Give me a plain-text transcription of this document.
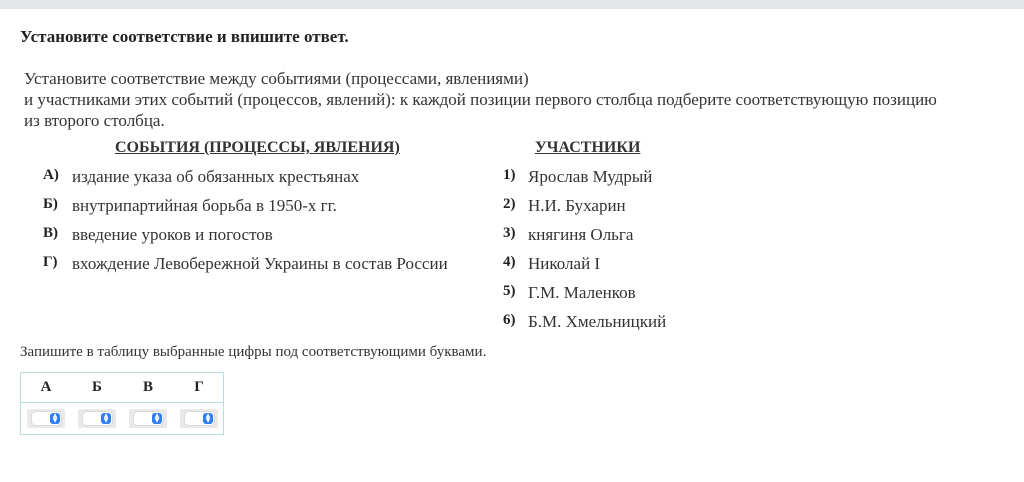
Установите соответствие и впишите ответ.
Установите соответствие между событиями (процессами, явлениями)
и участниками этих событий (процессов, явлений): к каждой позиции первого столбца подберите соответствующую позицию
из второго столбца.
СОБЫТИЯ (ПРОЦЕССЫ, ЯВЛЕНИЯ)	УЧАСТНИКИ
А) издание указа об обязанных крестьянах
Б) внутрипартийная борьба в 1950-х гг.
В) введение уроков и погостов
Г) вхождение Левобережной Украины в состав России
1) Ярослав Мудрый
2) Н.И. Бухарин
3) княгиня Ольга
4) Николай I
5) Г.М. Маленков
6) Б.М. Хмельницкий
Запишите в таблицу выбранные цифры под соответствующими буквами.
А	Б	В	Г
▲
▼
▲
▼
▲
▼
▲
▼
